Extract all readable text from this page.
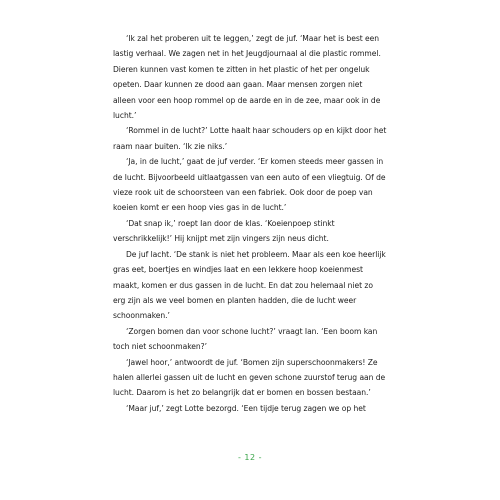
‘Ik zal het proberen uit te leggen,’ zegt de juf. ‘Maar het is best een lastig verhaal. We zagen net in het Jeugdjournaal al die plastic rommel. Dieren kunnen vast komen te zitten in het plastic of het per ongeluk opeten. Daar kunnen ze dood aan gaan. Maar mensen zorgen niet alleen voor een hoop rommel op de aarde en in de zee, maar ook in de lucht.’

‘Rommel in de lucht?’ Lotte haalt haar schouders op en kijkt door het raam naar buiten. ‘Ik zie niks.’

‘Ja, in de lucht,’ gaat de juf verder. ‘Er komen steeds meer gassen in de lucht. Bijvoorbeeld uitlaatgassen van een auto of een vliegtuig. Of de vieze rook uit de schoorsteen van een fabriek. Ook door de poep van koeien komt er een hoop vies gas in de lucht.’

‘Dat snap ik,’ roept Ian door de klas. ‘Koeienpoep stinkt verschrikkelijk!’ Hij knijpt met zijn vingers zijn neus dicht.

De juf lacht. ‘De stank is niet het probleem. Maar als een koe heerlijk gras eet, boertjes en windjes laat en een lekkere hoop koeienmest maakt, komen er dus gassen in de lucht. En dat zou helemaal niet zo erg zijn als we veel bomen en planten hadden, die de lucht weer schoonmaken.’

‘Zorgen bomen dan voor schone lucht?’ vraagt Ian. ‘Een boom kan toch niet schoonmaken?’

‘Jawel hoor,’ antwoordt de juf. ‘Bomen zijn superschoonmakers! Ze halen allerlei gassen uit de lucht en geven schone zuurstof terug aan de lucht. Daarom is het zo belangrijk dat er bomen en bossen bestaan.’

‘Maar juf,’ zegt Lotte bezorgd. ‘Een tijdje terug zagen we op het

- 12 -
